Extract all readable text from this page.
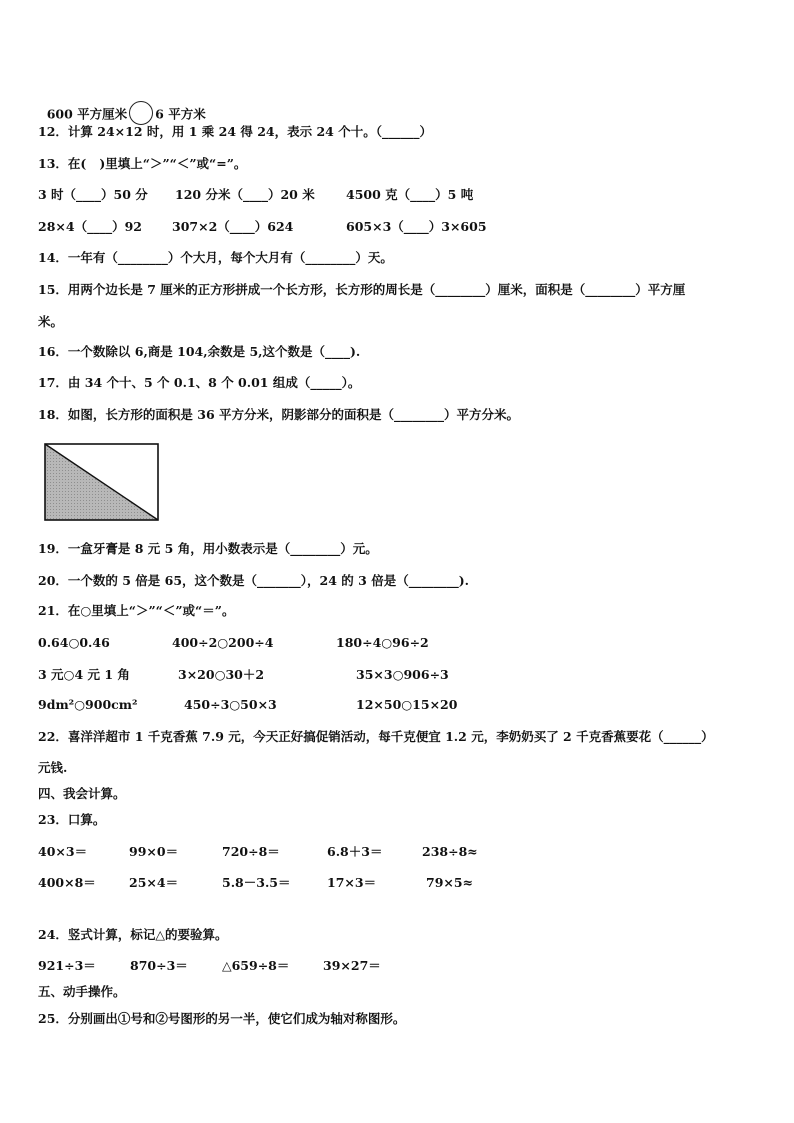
600 平方厘米 6 平方米

12．计算 24×12 时，用 1 乘 24 得 24，表示 24 个十。（______）
13．在(   )里填上“＞”“＜”或“=”。
3 时（____）50 分 120 分米（____）20 米	4500 克（____）5 吨
28×4（____）92 307×2（____）624	605×3（____）3×605
14．一年有（________）个大月，每个大月有（________）天。
15．用两个边长是 7 厘米的正方形拼成一个长方形，长方形的周长是（________）厘米，面积是（________）平方厘
米。
16．一个数除以 6,商是 104,余数是 5,这个数是（____).
17．由 34 个十、5 个 0.1、8 个 0.01 组成（_____）。
18．如图，长方形的面积是 36 平方分米，阴影部分的面积是（________）平方分米。
19．一盒牙膏是 8 元 5 角，用小数表示是（________）元。
20．一个数的 5 倍是 65，这个数是（_______），24 的 3 倍是（________).
21．在○里填上“＞”“＜”或“＝”。
0.64○0.46	400÷2○200÷4	180÷4○96÷2
3 元○4 元 1 角	3×20○30＋2	35×3○906÷3
9dm²○900cm²	450÷3○50×3	12×50○15×20
22．喜洋洋超市 1 千克香蕉 7.9 元，今天正好搞促销活动，每千克便宜 1.2 元，李奶奶买了 2 千克香蕉要花（______）
元钱.
四、我会计算。
23．口算。
40×3＝	99×0＝	720÷8＝	6.8＋3＝	238÷8≈
400×8＝	25×4＝	5.8－3.5＝	17×3＝	79×5≈
24．竖式计算，标记△的要验算。
921÷3＝	870÷3＝	△659÷8＝	39×27＝
五、动手操作。
25．分别画出①号和②号图形的另一半，使它们成为轴对称图形。
